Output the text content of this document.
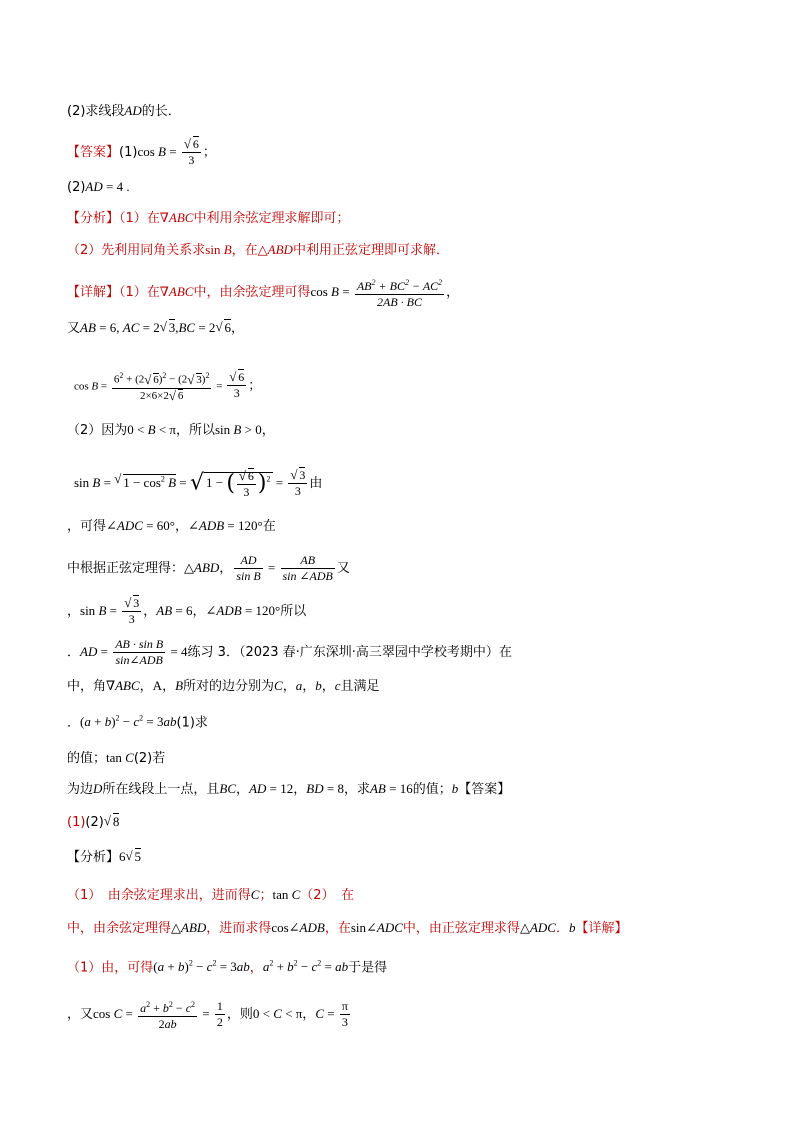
(2)求线段AD的长．
【答案】(1)cos B = √ $\frac{6}{3}$ ；
(2)AD = 4 .
【分析】（1）在∇ABC中利用余弦定理求解即可；
（2）先利用同角关系求sin B，在△ABD中利用正弦定理即可求解．
【详解】（1）在∇ABC中，由余弦定理可得$\cos B = \frac{AB^2 + BC^2 - AC^2}{2AB \cdot BC}$ ，
又AB = 6, AC = 2 √ 3,BC = 2 √ 6，
$\cos B = \frac{6^2 + (2 √ 6)^2 - (2 √ 3)^2}{2\times 6\times 2 √ 6}$ = √ $\frac{6}{3}$ ；
（2）因为0 < B < π，所以sin B > 0，
sin B = √ $1 - \cos^2 B$ = √ 1 − ( √ $\frac{6}{3} )^2$ = √ $\frac{3}{3}$ 由
，可得∠ADC = 60°，∠ADB = 120°在
中根据正弦定理得：△ABD， $\frac{AD}{\text{sin B}} = \frac{AB}{\text{sin ∠ADB}}$ 又
，sin B = √ $\frac{3}{3}$ ，AB = 6，∠ADB = 120°所以
．AD = $\frac{\text{AB · sin B}}{\text{sin∠ADB}} = 4$练习 3．（2023 春·广东深圳·高三翠园中学校考期中）在
中，角∇ABC，A，B所对的边分别为C，a，b，c且满足
．$(a + b)^2 - c^2 = 3ab(1)$求
的值；tan C(2)若
为边D所在线段上一点，且BC，AD = 12，BD = 8，求AB = 16的值；b【答案】
(1)(2) √ 8
【分析】6 √ 5
（1）　由余弦定理求出，进而得C；tan C（2）　在
中，由余弦定理得△ABD，进而求得cos∠ADB，在sin∠ADC中，由正弦定理求得△ADC．b【详解】
（1）由，可得$(a + b)^2 - c^2 = 3ab$，$a^2 + b^2 - c^2$ = ab于是得
，又$\cos C = \frac{a^2 + b^2 - c^2}{2ab} = \frac{1}{2}$ ，则0 < C < π，$C = \frac{\pi}{3}$
